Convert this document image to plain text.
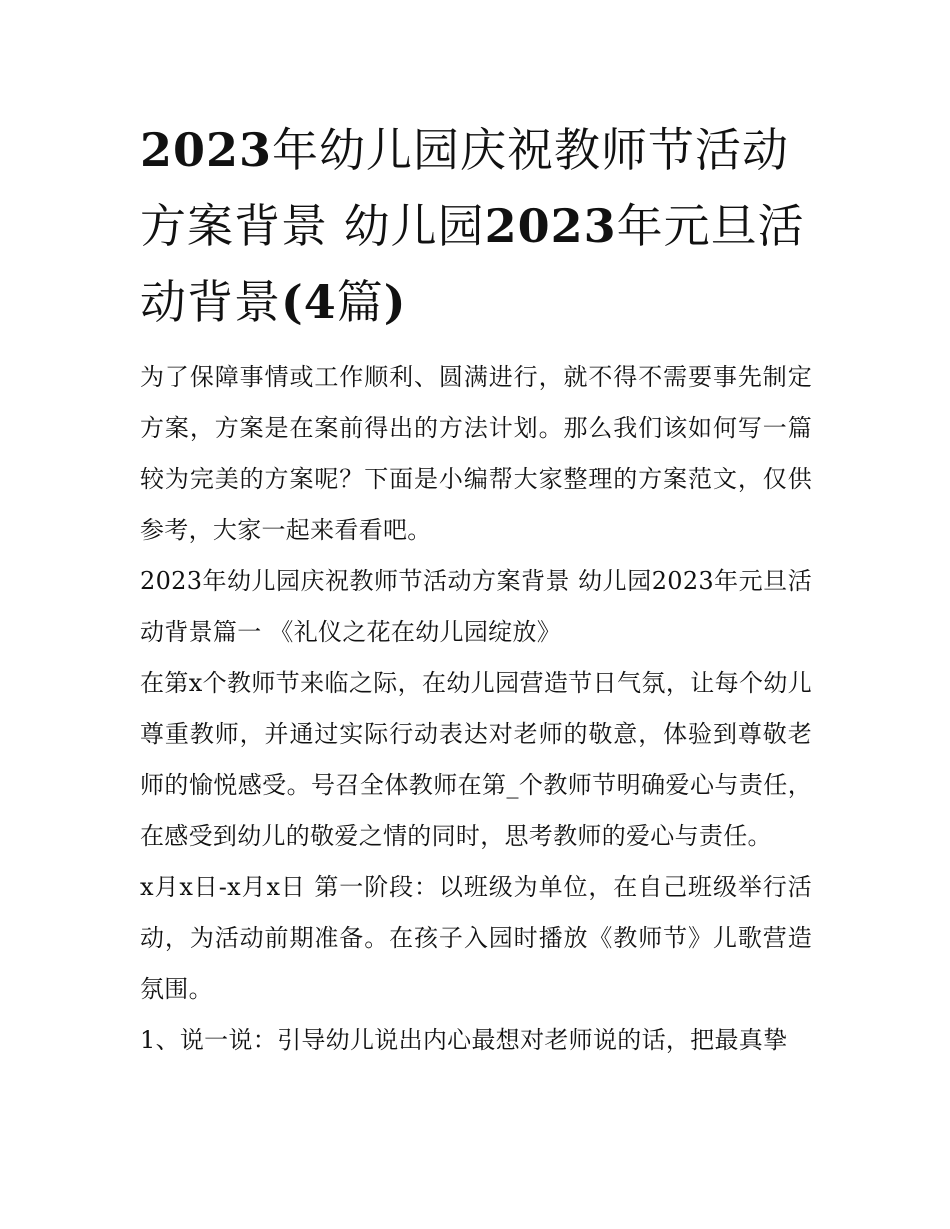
2023年幼儿园庆祝教师节活动方案背景 幼儿园2023年元旦活动背景(4篇)

为了保障事情或工作顺利、圆满进行，就不得不需要事先制定方案，方案是在案前得出的方法计划。那么我们该如何写一篇较为完美的方案呢？下面是小编帮大家整理的方案范文，仅供参考，大家一起来看看吧。

2023年幼儿园庆祝教师节活动方案背景 幼儿园2023年元旦活动背景篇一 《礼仪之花在幼儿园绽放》

在第x个教师节来临之际，在幼儿园营造节日气氛，让每个幼儿尊重教师，并通过实际行动表达对老师的敬意，体验到尊敬老师的愉悦感受。号召全体教师在第_个教师节明确爱心与责任，在感受到幼儿的敬爱之情的同时，思考教师的爱心与责任。

x月x日-x月x日 第一阶段：以班级为单位，在自己班级举行活动，为活动前期准备。在孩子入园时播放《教师节》儿歌营造氛围。

1、说一说：引导幼儿说出内心最想对老师说的话，把最真挚
